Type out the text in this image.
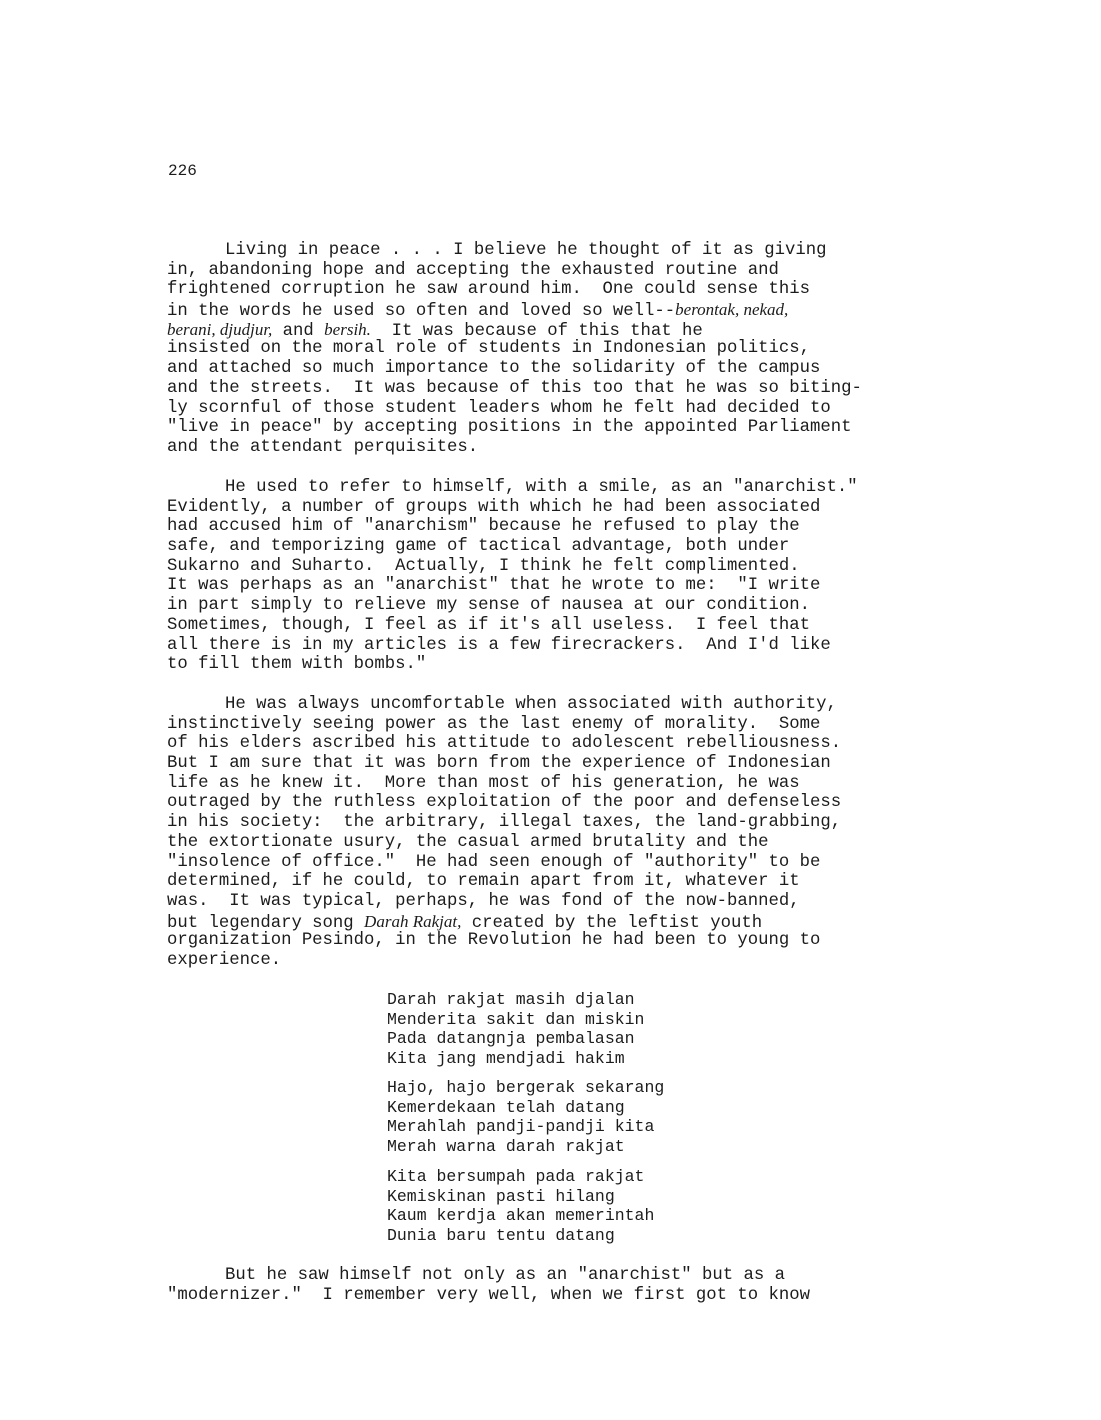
226
Living in peace . . . I believe he thought of it as giving
in, abandoning hope and accepting the exhausted routine and
frightened corruption he saw around him.  One could sense this
in the words he used so often and loved so well--berontak, nekad,
berani, djudjur, and bersih.  It was because of this that he
insisted on the moral role of students in Indonesian politics,
and attached so much importance to the solidarity of the campus
and the streets.  It was because of this too that he was so biting-
ly scornful of those student leaders whom he felt had decided to
"live in peace" by accepting positions in the appointed Parliament
and the attendant perquisites.
He used to refer to himself, with a smile, as an "anarchist."
Evidently, a number of groups with which he had been associated
had accused him of "anarchism" because he refused to play the
safe, and temporizing game of tactical advantage, both under
Sukarno and Suharto.  Actually, I think he felt complimented.
It was perhaps as an "anarchist" that he wrote to me:  "I write
in part simply to relieve my sense of nausea at our condition.
Sometimes, though, I feel as if it's all useless.  I feel that
all there is in my articles is a few firecrackers.  And I'd like
to fill them with bombs."
He was always uncomfortable when associated with authority,
instinctively seeing power as the last enemy of morality.  Some
of his elders ascribed his attitude to adolescent rebelliousness.
But I am sure that it was born from the experience of Indonesian
life as he knew it.  More than most of his generation, he was
outraged by the ruthless exploitation of the poor and defenseless
in his society:  the arbitrary, illegal taxes, the land-grabbing,
the extortionate usury, the casual armed brutality and the
"insolence of office."  He had seen enough of "authority" to be
determined, if he could, to remain apart from it, whatever it
was.  It was typical, perhaps, he was fond of the now-banned,
but legendary song Darah Rakjat, created by the leftist youth
organization Pesindo, in the Revolution he had been to young to
experience.
Darah rakjat masih djalan
Menderita sakit dan miskin
Pada datangnja pembalasan
Kita jang mendjadi hakim
Hajo, hajo bergerak sekarang
Kemerdekaan telah datang
Merahlah pandji-pandji kita
Merah warna darah rakjat
Kita bersumpah pada rakjat
Kemiskinan pasti hilang
Kaum kerdja akan memerintah
Dunia baru tentu datang
But he saw himself not only as an "anarchist" but as a
"modernizer."  I remember very well, when we first got to know
